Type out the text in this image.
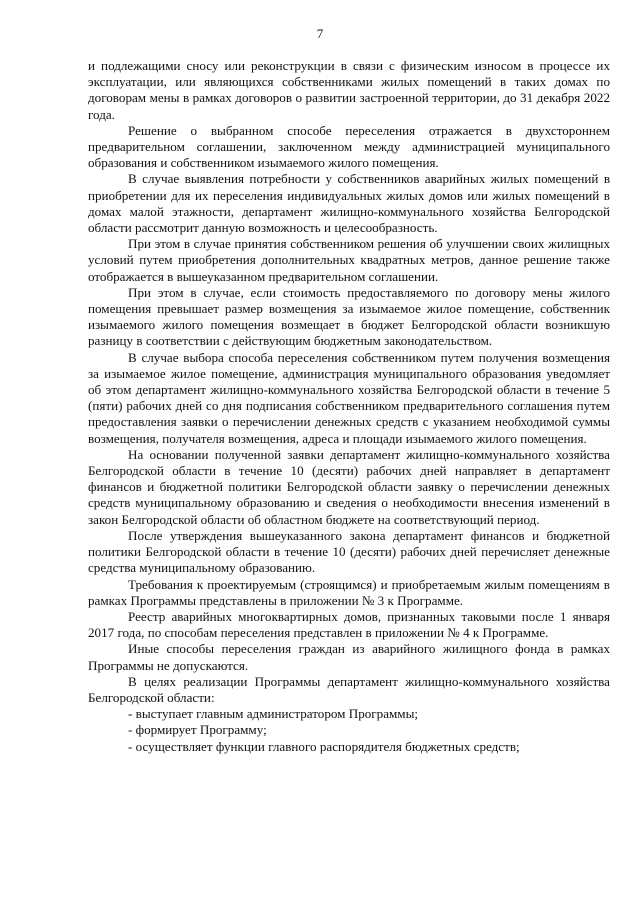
7

и подлежащими сносу или реконструкции в связи с физическим износом в процессе их эксплуатации, или являющихся собственниками жилых помещений в таких домах по договорам мены в рамках договоров о развитии застроенной территории, до 31 декабря 2022 года.

Решение о выбранном способе переселения отражается в двухстороннем предварительном соглашении, заключенном между администрацией муниципального образования и собственником изымаемого жилого помещения.

В случае выявления потребности у собственников аварийных жилых помещений в приобретении для их переселения индивидуальных жилых домов или жилых помещений в домах малой этажности, департамент жилищно-коммунального хозяйства Белгородской области рассмотрит данную возможность и целесообразность.

При этом в случае принятия собственником решения об улучшении своих жилищных условий путем приобретения дополнительных квадратных метров, данное решение также отображается в вышеуказанном предварительном соглашении.

При этом в случае, если стоимость предоставляемого по договору мены жилого помещения превышает размер возмещения за изымаемое жилое помещение, собственник изымаемого жилого помещения возмещает в бюджет Белгородской области возникшую разницу в соответствии с действующим бюджетным законодательством.

В случае выбора способа переселения собственником путем получения возмещения за изымаемое жилое помещение, администрация муниципального образования уведомляет об этом департамент жилищно-коммунального хозяйства Белгородской области в течение 5 (пяти) рабочих дней со дня подписания собственником предварительного соглашения путем предоставления заявки о перечислении денежных средств с указанием необходимой суммы возмещения, получателя возмещения, адреса и площади изымаемого жилого помещения.

На основании полученной заявки департамент жилищно-коммунального хозяйства Белгородской области в течение 10 (десяти) рабочих дней направляет в департамент финансов и бюджетной политики Белгородской области заявку о перечислении денежных средств муниципальному образованию и сведения о необходимости внесения изменений в закон Белгородской области об областном бюджете на соответствующий период.

После утверждения вышеуказанного закона департамент финансов и бюджетной политики Белгородской области в течение 10 (десяти) рабочих дней перечисляет денежные средства муниципальному образованию.

Требования к проектируемым (строящимся) и приобретаемым жилым помещениям в рамках Программы представлены в приложении № 3 к Программе.

Реестр аварийных многоквартирных домов, признанных таковыми после 1 января 2017 года, по способам переселения представлен в приложении № 4 к Программе.

Иные способы переселения граждан из аварийного жилищного фонда в рамках Программы не допускаются.

В целях реализации Программы департамент жилищно-коммунального хозяйства Белгородской области:

- выступает главным администратором Программы;

- формирует Программу;

- осуществляет функции главного распорядителя бюджетных средств;
